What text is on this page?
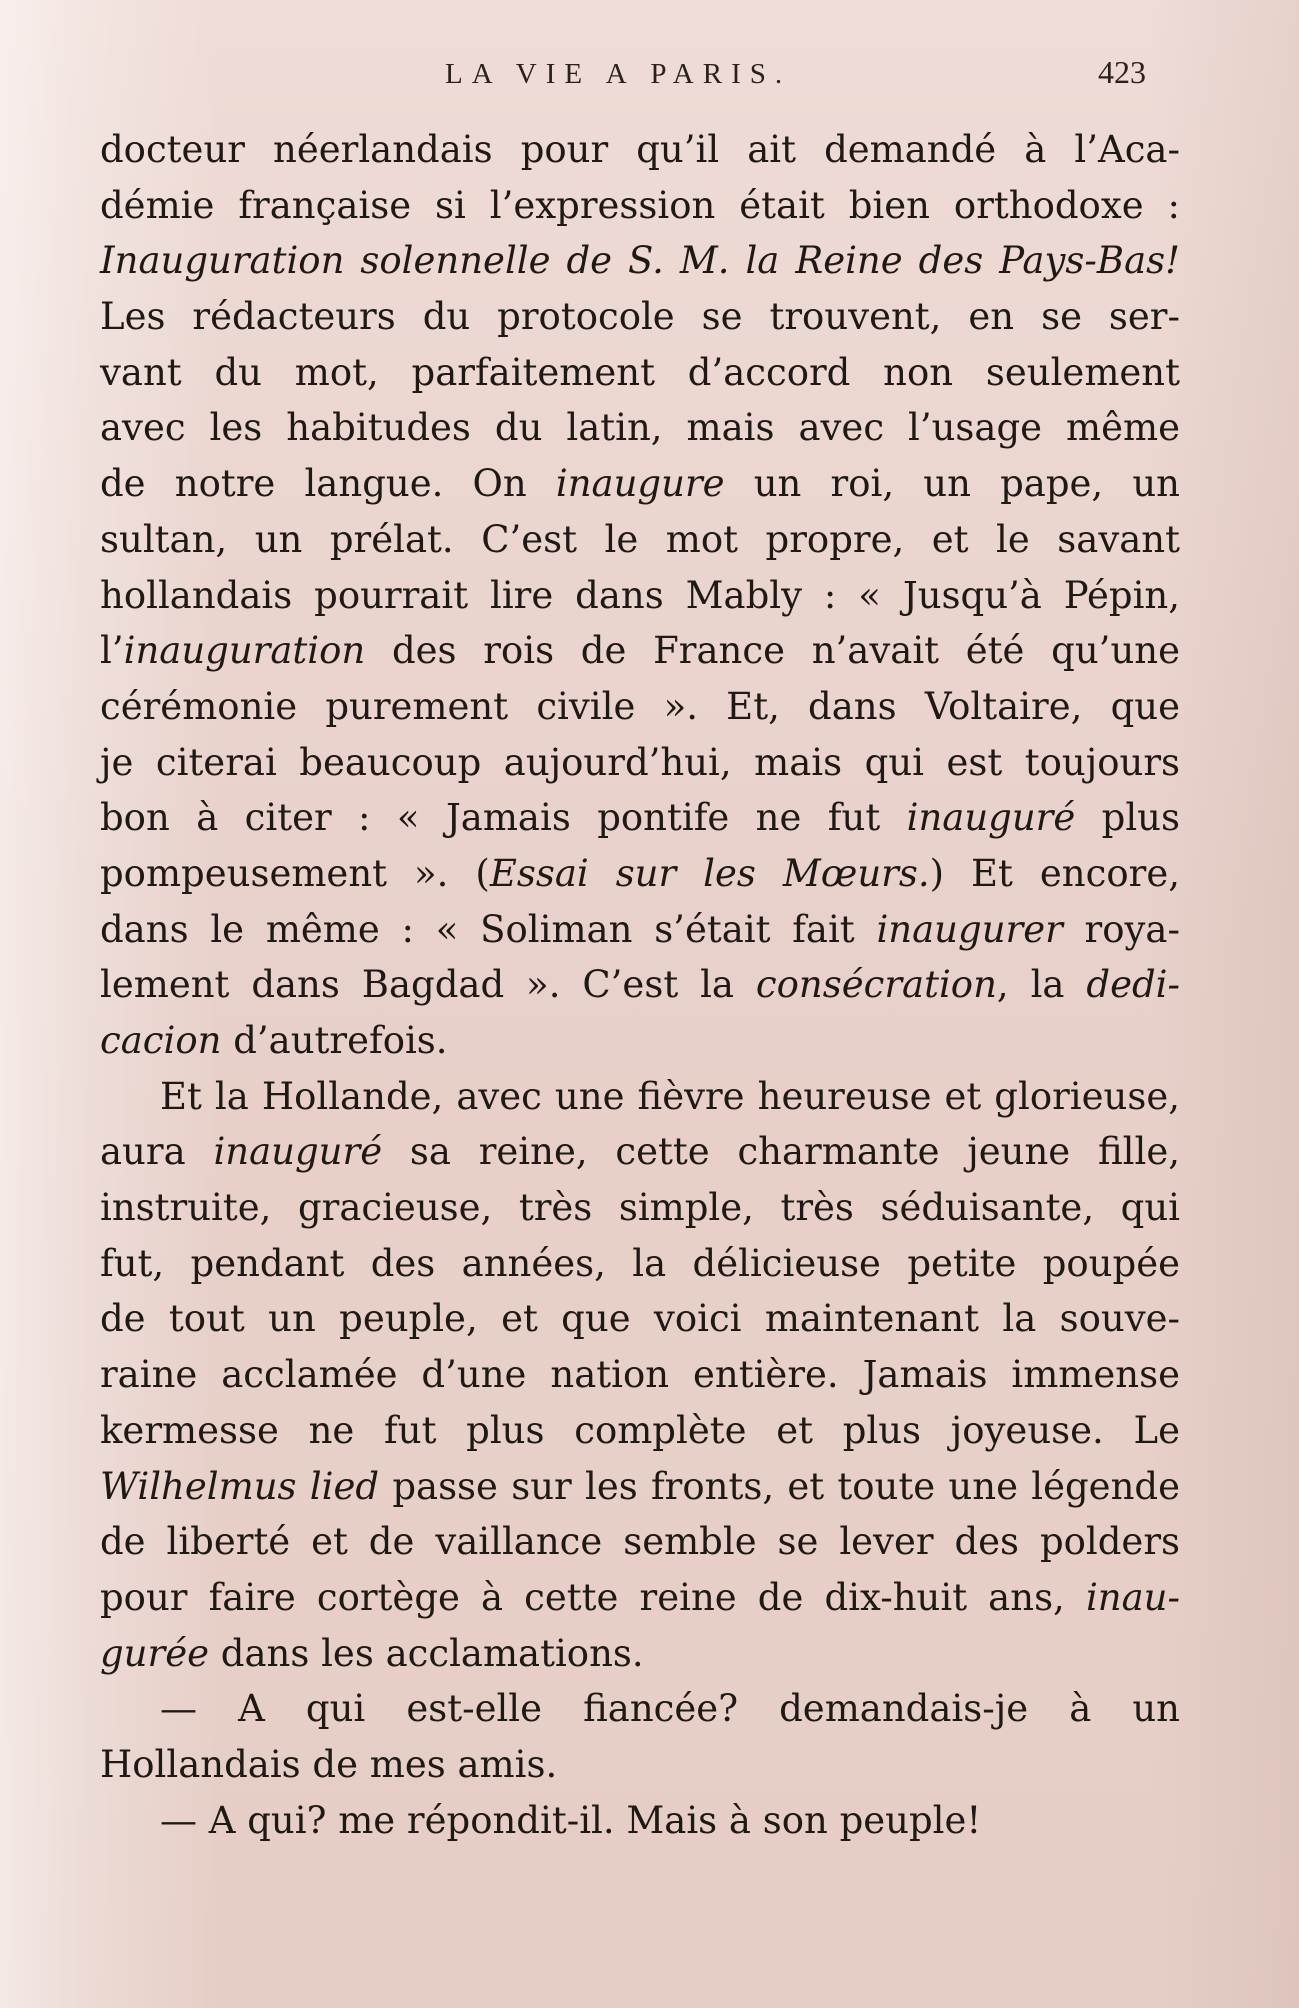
LA VIE A PARIS.	423
docteur néerlandais pour qu’il ait demandé à l’Aca-
démie française si l’expression était bien orthodoxe :
Inauguration solennelle de S. M. la Reine des Pays-Bas!
Les rédacteurs du protocole se trouvent, en se ser-
vant du mot, parfaitement d’accord non seulement
avec les habitudes du latin, mais avec l’usage même
de notre langue. On inaugure un roi, un pape, un
sultan, un prélat. C’est le mot propre, et le savant
hollandais pourrait lire dans Mably : « Jusqu’à Pépin,
l’inauguration des rois de France n’avait été qu’une
cérémonie purement civile ». Et, dans Voltaire, que
je citerai beaucoup aujourd’hui, mais qui est toujours
bon à citer : « Jamais pontife ne fut inauguré plus
pompeusement ». (Essai sur les Mœurs.) Et encore,
dans le même : « Soliman s’était fait inaugurer roya-
lement dans Bagdad ». C’est la consécration, la dedi-
cacion d’autrefois.
Et la Hollande, avec une fièvre heureuse et glorieuse,
aura inauguré sa reine, cette charmante jeune fille,
instruite, gracieuse, très simple, très séduisante, qui
fut, pendant des années, la délicieuse petite poupée
de tout un peuple, et que voici maintenant la souve-
raine acclamée d’une nation entière. Jamais immense
kermesse ne fut plus complète et plus joyeuse. Le
Wilhelmus lied passe sur les fronts, et toute une légende
de liberté et de vaillance semble se lever des polders
pour faire cortège à cette reine de dix-huit ans, inau-
gurée dans les acclamations.
— A qui est-elle fiancée? demandais-je à un
Hollandais de mes amis.
— A qui? me répondit-il. Mais à son peuple!
